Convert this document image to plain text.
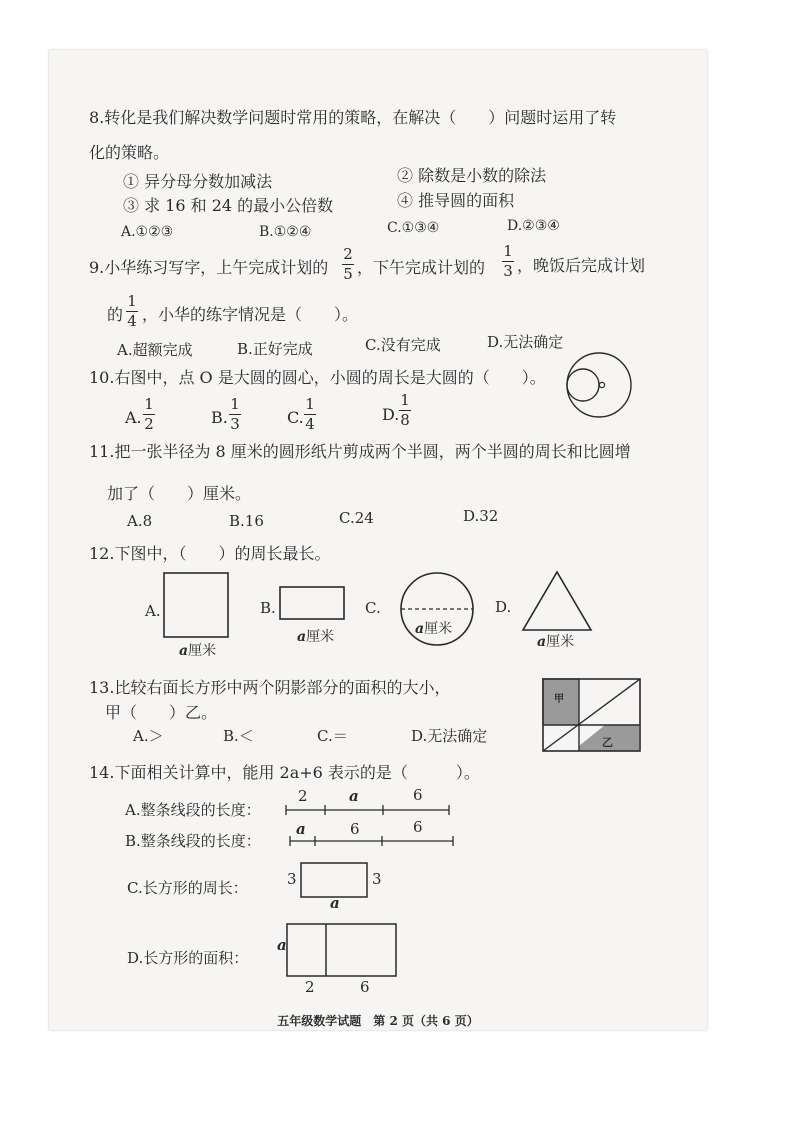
8.转化是我们解决数学问题时常用的策略，在解决（　　）问题时运用了转
化的策略。
① 异分母分数加减法	② 除数是小数的除法
③ 求 16 和 24 的最小公倍数	④ 推导圆的面积
A.①②③	B.①②④	C.①③④	D.②③④
9.小华练习写字，上午完成计划的
2
5 ，下午完成计划的
1
3 ，晚饭后完成计划
的
1
4 ，小华的练字情况是（　　）。
A.超额完成	B.正好完成	C.没有完成	D.无法确定
10.右图中，点 O 是大圆的圆心，小圆的周长是大圆的（　　）。
A.
1
2	B.
1
3	C.
1
4	D.
1
8
11.把一张半径为 8 厘米的圆形纸片剪成两个半圆，两个半圆的周长和比圆增
加了（　　）厘米。
A.8	B.16	C.24	D.32
12.下图中，（　　）的周长最长。
A.
a厘米
B.
a厘米
C.
a厘米
D.
a厘米
13.比较右面长方形中两个阴影部分的面积的大小，
甲（　　）乙。
A.＞	B.＜	C.＝	D.无法确定
甲
乙
14.下面相关计算中，能用 2a+6 表示的是（　　　）。
A.整条线段的长度：
2	a	6
B.整条线段的长度：
a	6	6
C.长方形的周长：	3	3
a
D.长方形的面积：
a
2	6
五年级数学试题　第 2 页（共 6 页）
